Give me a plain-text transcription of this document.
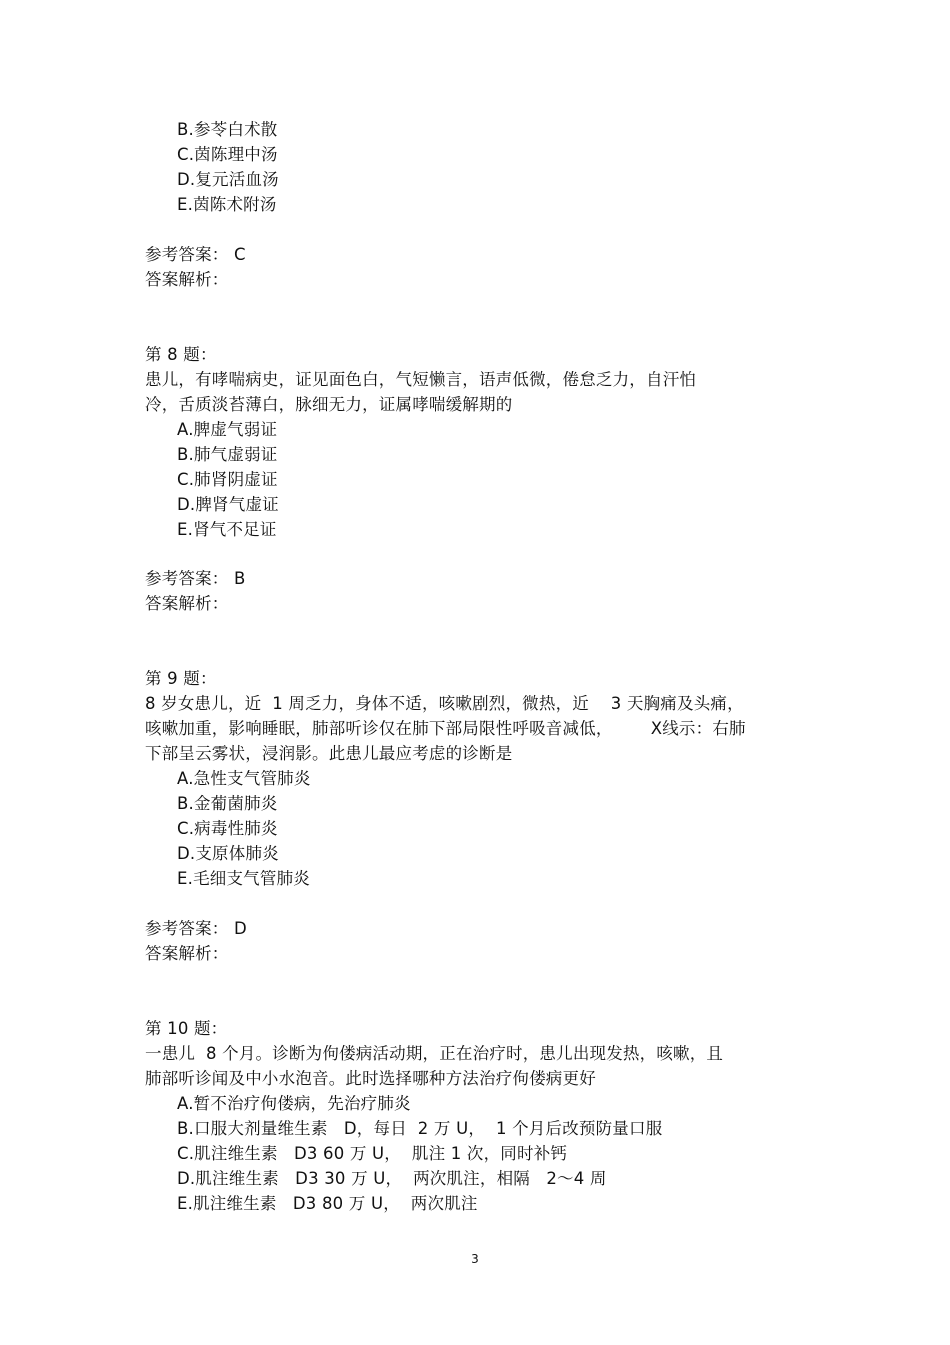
B.参苓白术散
C.茵陈理中汤
D.复元活血汤
E.茵陈术附汤
参考答案： C
答案解析：
第 8 题：
患儿，有哮喘病史，证见面色白，气短懒言，语声低微，倦怠乏力，自汗怕
冷，舌质淡苔薄白，脉细无力，证属哮喘缓解期的
A.脾虚气弱证
B.肺气虚弱证
C.肺肾阴虚证
D.脾肾气虚证
E.肾气不足证
参考答案： B
答案解析：
第 9 题：
8 岁女患儿，近  1 周乏力，身体不适，咳嗽剧烈，微热，近    3 天胸痛及头痛，
咳嗽加重，影响睡眠，肺部听诊仅在肺下部局限性呼吸音减低，       X线示：右肺
下部呈云雾状，浸润影。此患儿最应考虑的诊断是
A.急性支气管肺炎
B.金葡菌肺炎
C.病毒性肺炎
D.支原体肺炎
E.毛细支气管肺炎
参考答案： D
答案解析：
第 10 题：
一患儿  8 个月。诊断为佝偻病活动期，正在治疗时，患儿出现发热，咳嗽，且
肺部听诊闻及中小水泡音。此时选择哪种方法治疗佝偻病更好
A.暂不治疗佝偻病，先治疗肺炎
B.口服大剂量维生素   D，每日  2 万 U，  1 个月后改预防量口服
C.肌注维生素   D3 60 万 U，  肌注 1 次，同时补钙
D.肌注维生素   D3 30 万 U，  两次肌注，相隔   2～4 周
E.肌注维生素   D3 80 万 U，  两次肌注
3
